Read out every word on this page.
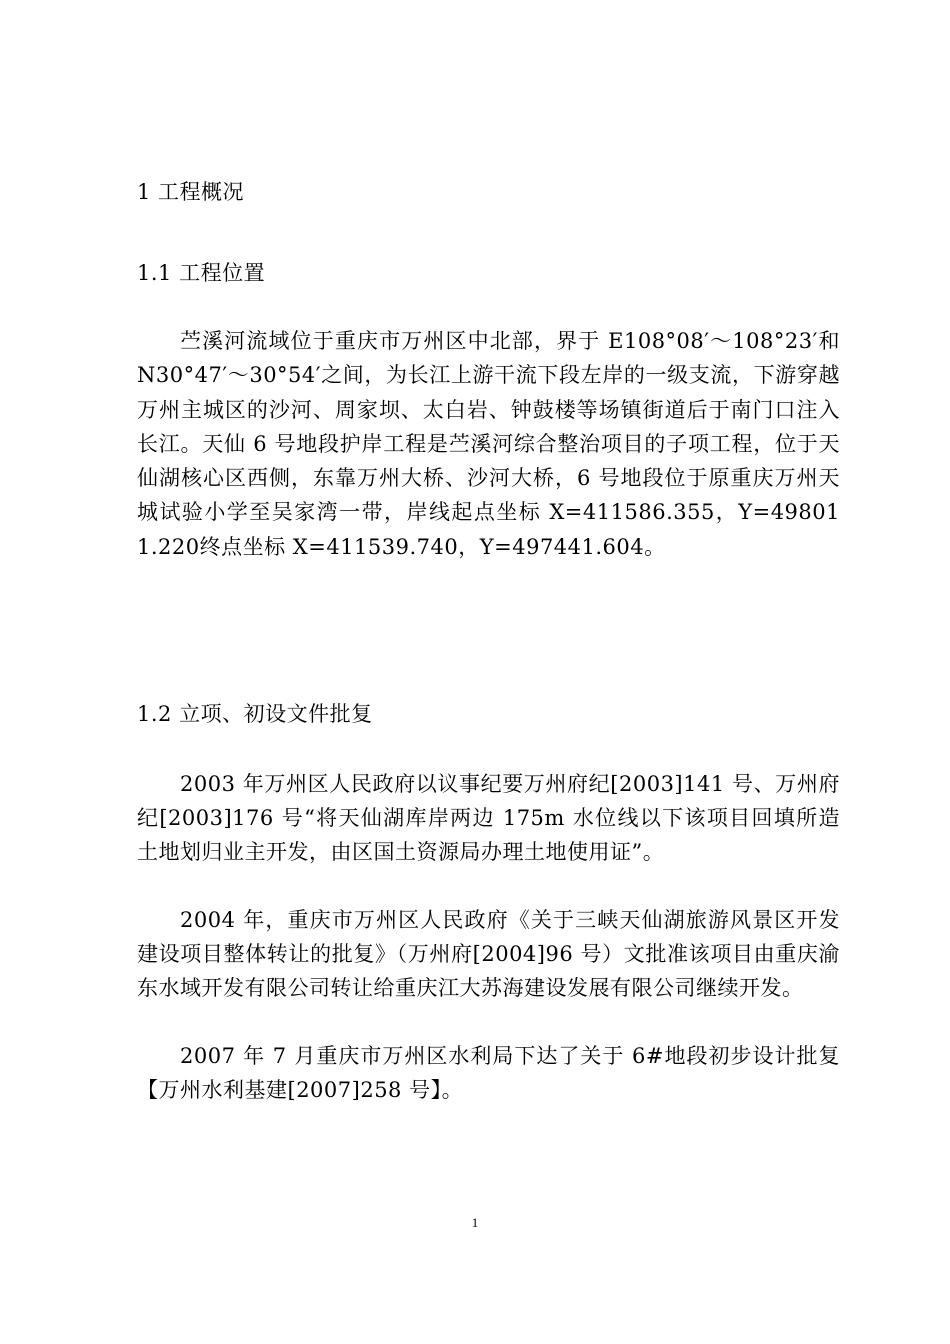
1 工程概况
1.1 工程位置
苎溪河流域位于重庆市万州区中北部，界于 E108°08′～108°23′和N30°47′～30°54′之间，为长江上游干流下段左岸的一级支流，下游穿越万州主城区的沙河、周家坝、太白岩、钟鼓楼等场镇街道后于南门口注入长江。天仙 6 号地段护岸工程是苎溪河综合整治项目的子项工程，位于天仙湖核心区西侧，东靠万州大桥、沙河大桥，6 号地段位于原重庆万州天城试验小学至吴家湾一带，岸线起点坐标 X=411586.355，Y=498011.220终点坐标 X=411539.740，Y=497441.604。
1.2 立项、初设文件批复
2003 年万州区人民政府以议事纪要万州府纪[2003]141 号、万州府纪[2003]176 号“将天仙湖库岸两边 175m 水位线以下该项目回填所造土地划归业主开发，由区国土资源局办理土地使用证”。
2004 年，重庆市万州区人民政府《关于三峡天仙湖旅游风景区开发建设项目整体转让的批复》（万州府[2004]96 号）文批准该项目由重庆渝东水域开发有限公司转让给重庆江大苏海建设发展有限公司继续开发。
2007 年 7 月重庆市万州区水利局下达了关于 6#地段初步设计批复【万州水利基建[2007]258 号】。
1
